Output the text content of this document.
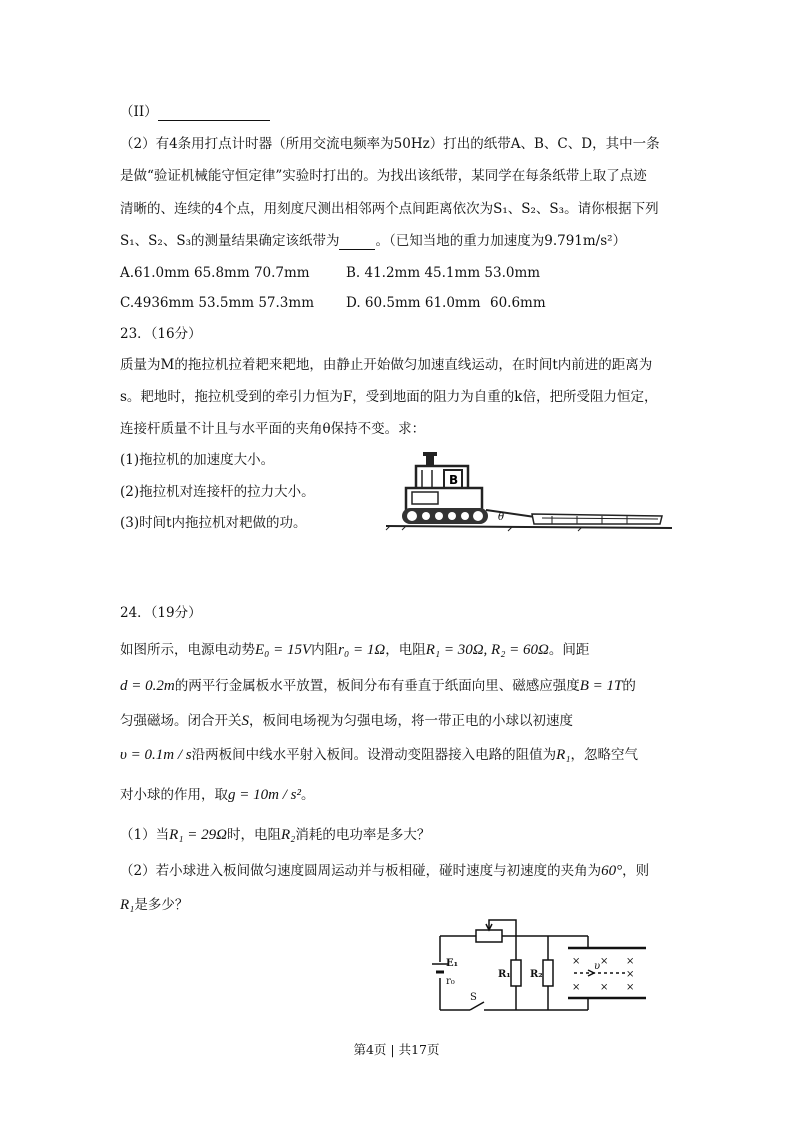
（II）
（2）有4条用打点计时器（所用交流电频率为50Hz）打出的纸带A、B、C、D，其中一条
是做“验证机械能守恒定律”实验时打出的。为找出该纸带，某同学在每条纸带上取了点迹
清晰的、连续的4个点，用刻度尺测出相邻两个点间距离依次为S₁、S₂、S₃。请你根据下列
S₁、S₂、S₃的测量结果确定该纸带为	。（已知当地的重力加速度为9.791m/s²）
A.61.0mm 65.8mm 70.7mm	B. 41.2mm 45.1mm 53.0mm
C.4936mm 53.5mm 57.3mm D. 60.5mm 61.0mm 60.6mm
23．（16分）
质量为M的拖拉机拉着耙来耙地，由静止开始做匀加速直线运动，在时间t内前进的距离为
s。耙地时，拖拉机受到的牵引力恒为F，受到地面的阻力为自重的k倍，把所受阻力恒定，
连接杆质量不计且与水平面的夹角θ保持不变。求：
(1)拖拉机的加速度大小。
(2)拖拉机对连接杆的拉力大小。
(3)时间t内拖拉机对耙做的功。
B
θ
24．（19分）
如图所示，电源电动势E₀ = 15V内阻r₀ = 1Ω，电阻R₁ = 30Ω, R₂ = 60Ω。间距
d = 0.2m的两平行金属板水平放置，板间分布有垂直于纸面向里、磁感应强度B = 1T的
匀强磁场。闭合开关S，板间电场视为匀强电场，将一带正电的小球以初速度
υ = 0.1m / s沿两板间中线水平射入板间。设滑动变阻器接入电路的阻值为R₁，忽略空气
对小球的作用，取g = 10m / s²。
（1）当R₁ = 29Ω时，电阻R₂消耗的电功率是多大？
（2）若小球进入板间做匀速度圆周运动并与板相碰，碰时速度与初速度的夹角为60°，则
R₁是多少？
E₁
r₀
S
R₁ R₂
υ
× × ×
×
× × ×
第4页 | 共17页
